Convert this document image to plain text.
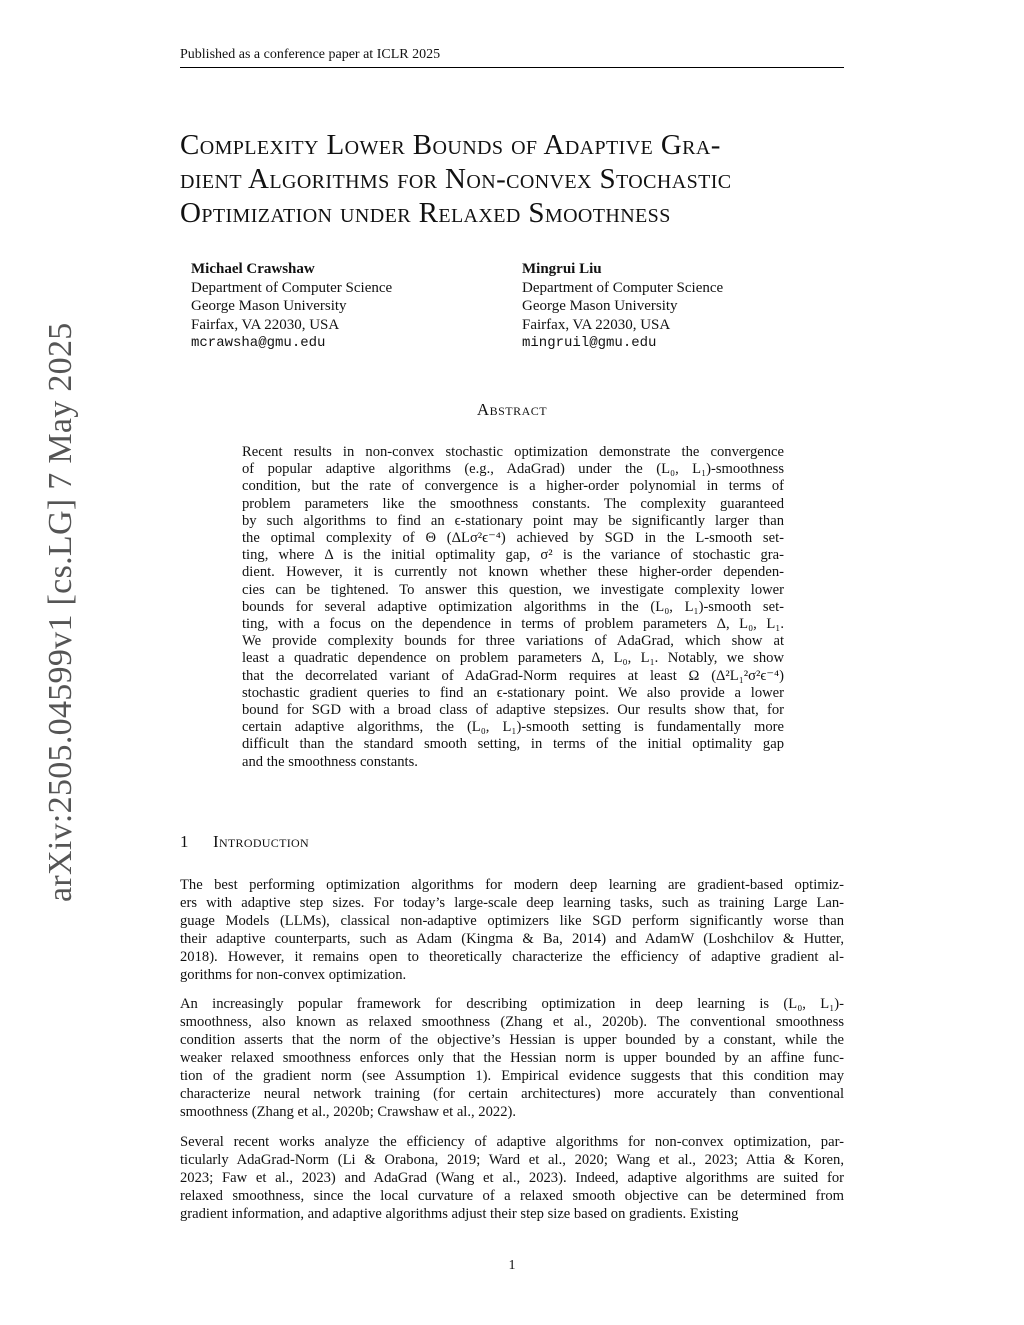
Published as a conference paper at ICLR 2025
arXiv:2505.04599v1 [cs.LG] 7 May 2025
Complexity Lower Bounds of Adaptive Gra-
dient Algorithms for Non-convex Stochastic
Optimization under Relaxed Smoothness
Michael Crawshaw
Department of Computer Science
George Mason University
Fairfax, VA 22030, USA
mcrawsha@gmu.edu
Mingrui Liu
Department of Computer Science
George Mason University
Fairfax, VA 22030, USA
mingruil@gmu.edu
Abstract
Recent results in non-convex stochastic optimization demonstrate the convergence
of popular adaptive algorithms (e.g., AdaGrad) under the (L₀, L₁)-smoothness
condition, but the rate of convergence is a higher-order polynomial in terms of
problem parameters like the smoothness constants. The complexity guaranteed
by such algorithms to find an ϵ-stationary point may be significantly larger than
the optimal complexity of Θ (ΔLσ²ϵ⁻⁴) achieved by SGD in the L-smooth set-
ting, where Δ is the initial optimality gap, σ² is the variance of stochastic gra-
dient. However, it is currently not known whether these higher-order dependen-
cies can be tightened. To answer this question, we investigate complexity lower
bounds for several adaptive optimization algorithms in the (L₀, L₁)-smooth set-
ting, with a focus on the dependence in terms of problem parameters Δ, L₀, L₁.
We provide complexity bounds for three variations of AdaGrad, which show at
least a quadratic dependence on problem parameters Δ, L₀, L₁. Notably, we show
that the decorrelated variant of AdaGrad-Norm requires at least Ω (Δ²L₁²σ²ϵ⁻⁴)
stochastic gradient queries to find an ϵ-stationary point. We also provide a lower
bound for SGD with a broad class of adaptive stepsizes. Our results show that, for
certain adaptive algorithms, the (L₀, L₁)-smooth setting is fundamentally more
difficult than the standard smooth setting, in terms of the initial optimality gap
and the smoothness constants.
1 Introduction
The best performing optimization algorithms for modern deep learning are gradient-based optimiz-
ers with adaptive step sizes. For today’s large-scale deep learning tasks, such as training Large Lan-
guage Models (LLMs), classical non-adaptive optimizers like SGD perform significantly worse than
their adaptive counterparts, such as Adam (Kingma & Ba, 2014) and AdamW (Loshchilov & Hutter,
2018). However, it remains open to theoretically characterize the efficiency of adaptive gradient al-
gorithms for non-convex optimization.
An increasingly popular framework for describing optimization in deep learning is (L₀, L₁)-
smoothness, also known as relaxed smoothness (Zhang et al., 2020b). The conventional smoothness
condition asserts that the norm of the objective’s Hessian is upper bounded by a constant, while the
weaker relaxed smoothness enforces only that the Hessian norm is upper bounded by an affine func-
tion of the gradient norm (see Assumption 1). Empirical evidence suggests that this condition may
characterize neural network training (for certain architectures) more accurately than conventional
smoothness (Zhang et al., 2020b; Crawshaw et al., 2022).
Several recent works analyze the efficiency of adaptive algorithms for non-convex optimization, par-
ticularly AdaGrad-Norm (Li & Orabona, 2019; Ward et al., 2020; Wang et al., 2023; Attia & Koren,
2023; Faw et al., 2023) and AdaGrad (Wang et al., 2023). Indeed, adaptive algorithms are suited for
relaxed smoothness, since the local curvature of a relaxed smooth objective can be determined from
gradient information, and adaptive algorithms adjust their step size based on gradients. Existing
1
